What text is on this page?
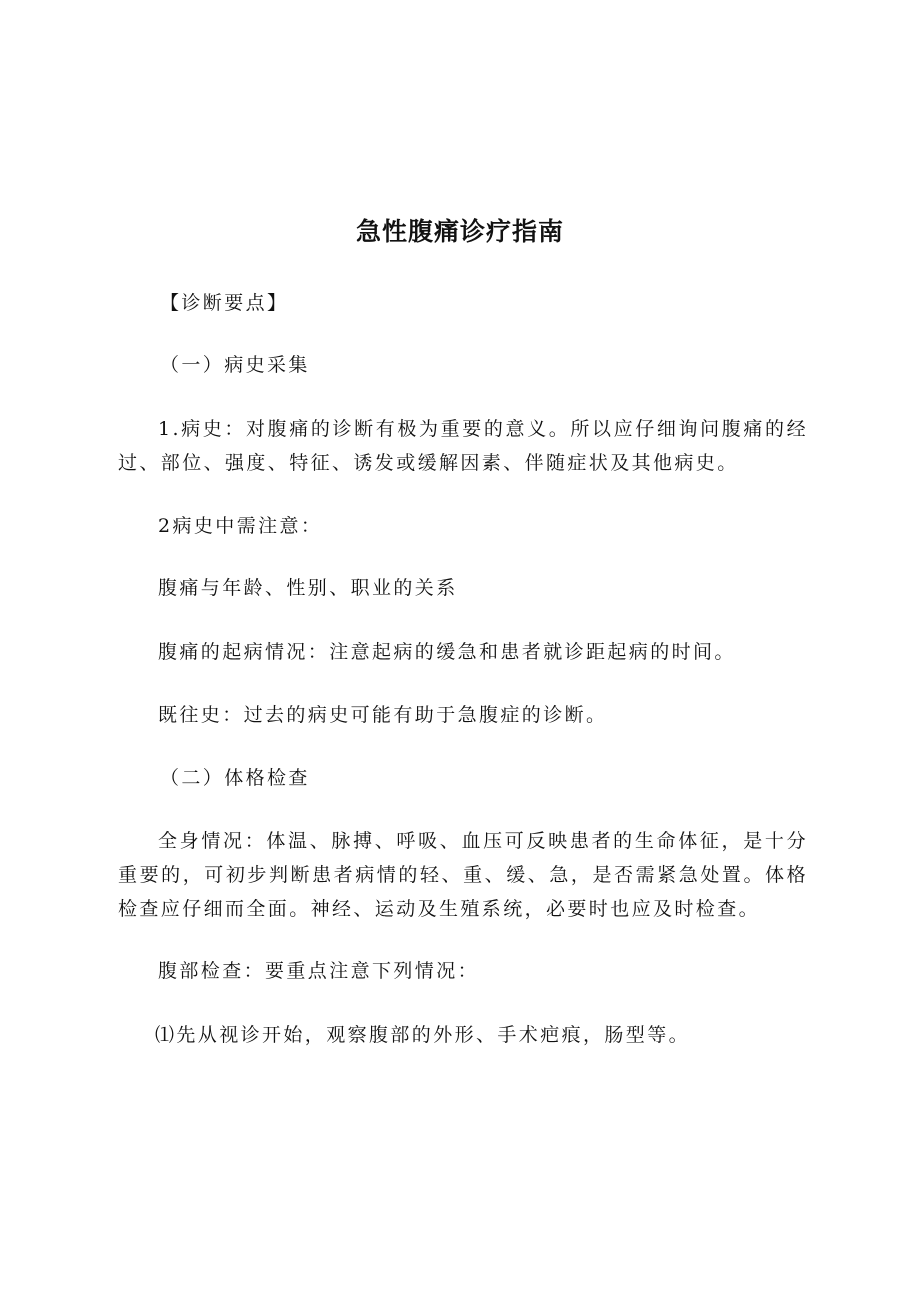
急性腹痛诊疗指南

【诊断要点】

（一）病史采集

1.病史：对腹痛的诊断有极为重要的意义。所以应仔细询问腹痛的经过、部位、强度、特征、诱发或缓解因素、伴随症状及其他病史。

2病史中需注意：

腹痛与年龄、性别、职业的关系

腹痛的起病情况：注意起病的缓急和患者就诊距起病的时间。

既往史：过去的病史可能有助于急腹症的诊断。

（二）体格检查

全身情况：体温、脉搏、呼吸、血压可反映患者的生命体征，是十分重要的，可初步判断患者病情的轻、重、缓、急，是否需紧急处置。体格检查应仔细而全面。神经、运动及生殖系统，必要时也应及时检查。

腹部检查：要重点注意下列情况：

⑴先从视诊开始，观察腹部的外形、手术疤痕，肠型等。
